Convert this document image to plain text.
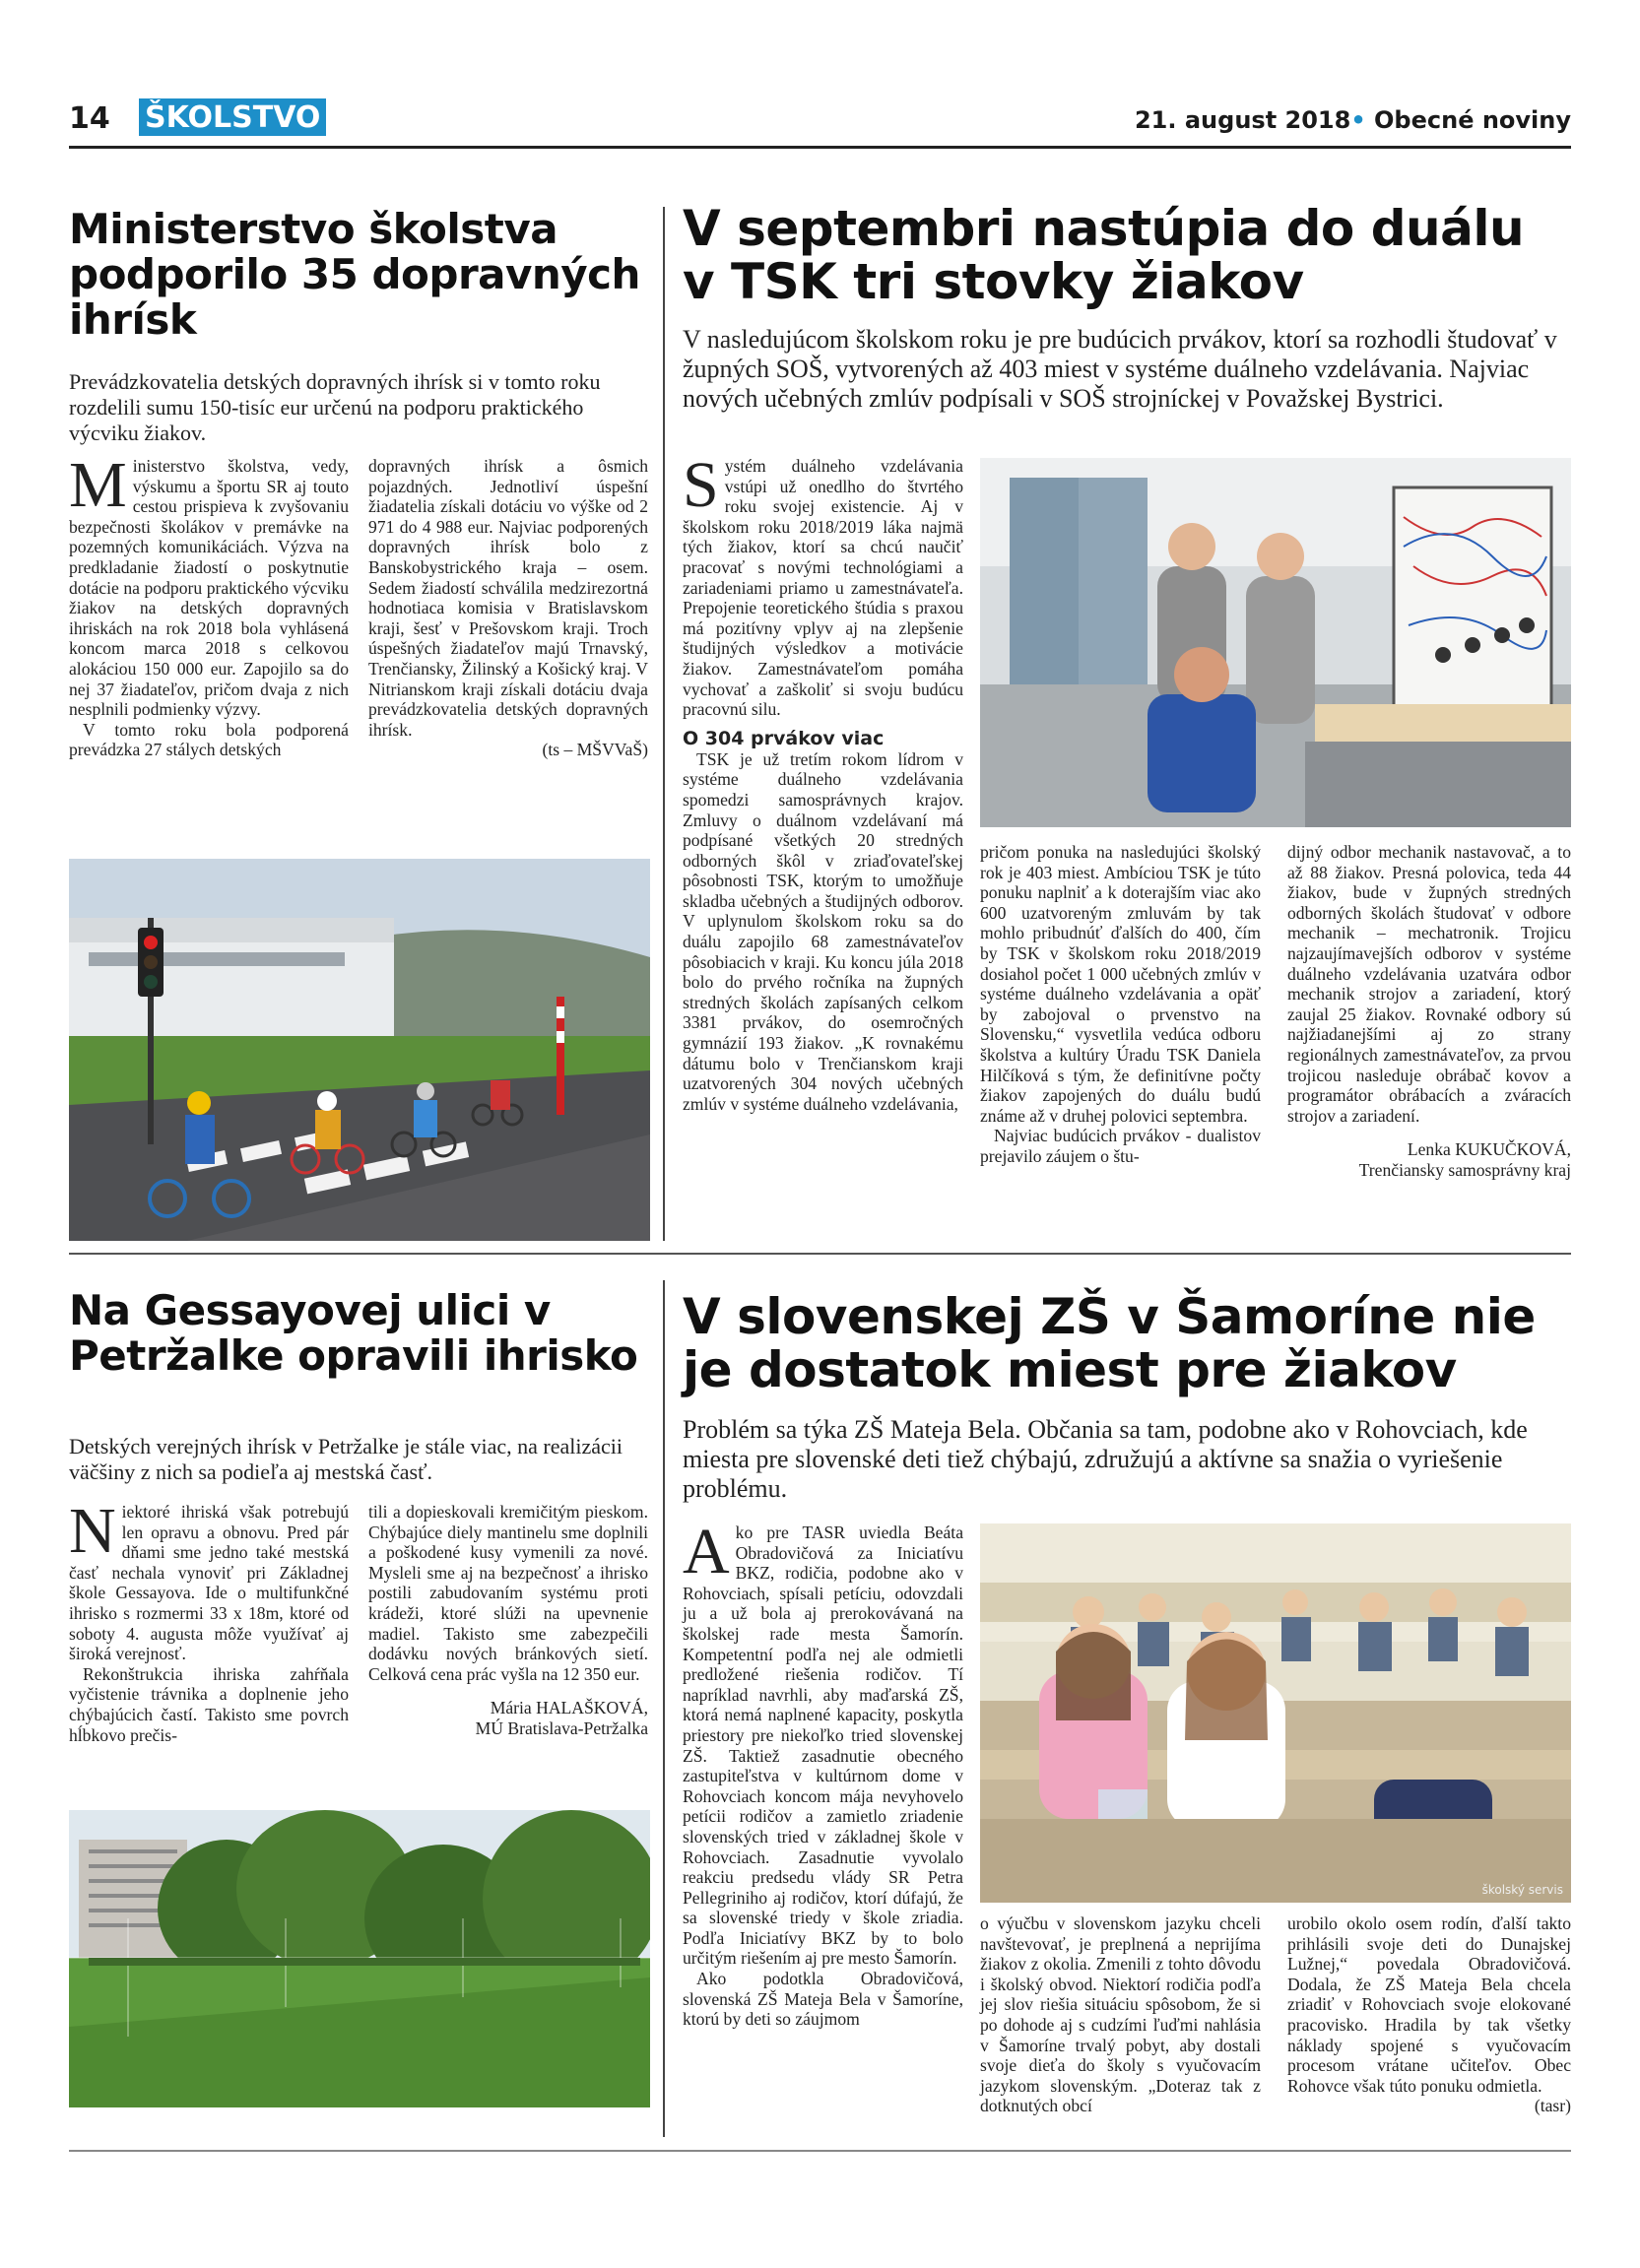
14 ŠKOLSTVO	21. august 2018• Obecné noviny
Ministerstvo školstva podporilo 35 dopravných ihrísk
Prevádzkovatelia detských dopravných ihrísk si v tomto roku rozdelili sumu 150-tisíc eur určenú na podporu praktického výcviku žiakov.
M inisterstvo školstva, vedy, výskumu a športu SR aj touto cestou prispieva k zvyšovaniu bezpečnosti školákov v premávke na pozemných komunikáciách. Výzva na predkladanie žiadostí o poskytnutie dotácie na podporu praktického výcviku žiakov na detských dopravných ihriskách na rok 2018 bola vyhlásená koncom marca 2018 s celkovou alokáciou 150 000 eur. Zapojilo sa do nej 37 žiadateľov, pričom dvaja z nich nesplnili podmienky výzvy.

V tomto roku bola podporená prevádzka 27 stálych detských

dopravných ihrísk a ôsmich pojazdných. Jednotliví úspešní žiadatelia získali dotáciu vo výške od 2 971 do 4 988 eur. Najviac podporených dopravných ihrísk bolo z Banskobystrického kraja – osem. Sedem žiadostí schválila medzirezortná hodnotiaca komisia v Bratislavskom kraji, šesť v Prešovskom kraji. Troch úspešných žiadateľov majú Trnavský, Trenčiansky, Žilinský a Košický kraj. V Nitrianskom kraji získali dotáciu dvaja prevádzkovatelia detských dopravných ihrísk.

(ts – MŠVVaŠ)

V septembri nastúpia do duálu v TSK tri stovky žiakov
V nasledujúcom školskom roku je pre budúcich prvákov, ktorí sa rozhodli študovať v župných SOŠ, vytvorených až 403 miest v systéme duálneho vzdelávania. Najviac nových učebných zmlúv podpísali v SOŠ strojníckej v Považskej Bystrici.
S ystém duálneho vzdelávania vstúpi už onedlho do štvrtého roku svojej existencie. Aj v školskom roku 2018/2019 láka najmä tých žiakov, ktorí sa chcú naučiť pracovať s novými technológiami a zariadeniami priamo u zamestnávateľa. Prepojenie teoretického štúdia s praxou má pozitívny vplyv aj na zlepšenie študijných výsledkov a motivácie žiakov. Zamestnávateľom pomáha vychovať a zaškoliť si svoju budúcu pracovnú silu.

O 304 prvákov viac

TSK je už tretím rokom lídrom v systéme duálneho vzdelávania spomedzi samosprávnych krajov. Zmluvy o duálnom vzdelávaní má podpísané všetkých 20 stredných odborných škôl v zriaďovateľskej pôsobnosti TSK, ktorým to umožňuje skladba učebných a študijných odborov. V uplynulom školskom roku sa do duálu zapojilo 68 zamestnávateľov pôsobiacich v kraji. Ku koncu júla 2018 bolo do prvého ročníka na župných stredných školách zapísaných celkom 3381 prvákov, do osemročných gymnázií 193 žiakov. „K rovnakému dátumu bolo v Trenčianskom kraji uzatvorených 304 nových učebných zmlúv v systéme duálneho vzdelávania,

pričom ponuka na nasledujúci školský rok je 403 miest. Ambíciou TSK je túto ponuku naplniť a k doterajším viac ako 600 uzatvoreným zmluvám by tak mohlo pribudnúť ďalších do 400, čím by TSK v školskom roku 2018/2019 dosiahol počet 1 000 učebných zmlúv v systéme duálneho vzdelávania a opäť by zabojoval o prvenstvo na Slovensku,“ vysvetlila vedúca odboru školstva a kultúry Úradu TSK Daniela Hilčíková s tým, že definitívne počty žiakov zapojených do duálu budú známe až v druhej polovici septembra.

Najviac budúcich prvákov - dualistov prejavilo záujem o štu-

dijný odbor mechanik nastavovač, a to až 88 žiakov. Presná polovica, teda 44 žiakov, bude v župných stredných odborných školách študovať v odbore mechanik – mechatronik. Trojicu najzaujímavejších odborov v systéme duálneho vzdelávania uzatvára odbor mechanik strojov a zariadení, ktorý zaujal 25 žiakov. Rovnaké odbory sú najžiadanejšími aj zo strany regionálnych zamestnávateľov, za prvou trojicou nasleduje obrábač kovov a programátor obrábacích a zváracích strojov a zariadení.

Lenka KUKUČKOVÁ,

Trenčiansky samosprávny kraj

Na Gessayovej ulici v Petržalke opravili ihrisko
Detských verejných ihrísk v Petržalke je stále viac, na realizácii väčšiny z nich sa podieľa aj mestská časť.
N iektoré ihriská však potrebujú len opravu a obnovu. Pred pár dňami sme jedno také mestská časť nechala vynoviť pri Základnej škole Gessayova. Ide o multifunkčné ihrisko s rozmermi 33 x 18m, ktoré od soboty 4. augusta môže využívať aj široká verejnosť.

Rekonštrukcia ihriska zahŕňala vyčistenie trávnika a doplnenie jeho chýbajúcich častí. Takisto sme povrch hĺbkovo prečis-

tili a dopieskovali kremičitým pieskom. Chýbajúce diely mantinelu sme doplnili a poškodené kusy vymenili za nové. Mysleli sme aj na bezpečnosť a ihrisko postili zabudovaním systému proti krádeži, ktoré slúži na upevnenie madiel. Takisto sme zabezpečili dodávku nových bránkových sietí. Celková cena prác vyšla na 12 350 eur.

Mária HALAŠKOVÁ,

MÚ Bratislava-Petržalka

V slovenskej ZŠ v Šamoríne nie je dostatok miest pre žiakov
Problém sa týka ZŠ Mateja Bela. Občania sa tam, podobne ako v Rohovciach, kde miesta pre slovenské deti tiež chýbajú, združujú a aktívne sa snažia o vyriešenie problému.
A ko pre TASR uviedla Beáta Obradovičová za Iniciatívu BKZ, rodičia, podobne ako v Rohovciach, spísali petíciu, odovzdali ju a už bola aj prerokovávaná na školskej rade mesta Šamorín. Kompetentní podľa nej ale odmietli predložené riešenia rodičov. Tí napríklad navrhli, aby maďarská ZŠ, ktorá nemá naplnené kapacity, poskytla priestory pre niekoľko tried slovenskej ZŠ. Taktiež zasadnutie obecného zastupiteľstva v kultúrnom dome v Rohovciach koncom mája nevyhovelo petícii rodičov a zamietlo zriadenie slovenských tried v základnej škole v Rohovciach. Zasadnutie vyvolalo reakciu predsedu vlády SR Petra Pellegriniho aj rodičov, ktorí dúfajú, že sa slovenské triedy v škole zriadia. Podľa Iniciatívy BKZ by to bolo určitým riešením aj pre mesto Šamorín.

Ako podotkla Obradovičová, slovenská ZŠ Mateja Bela v Šamoríne, ktorú by deti so záujmom

školský servis

o výučbu v slovenskom jazyku chceli navštevovať, je preplnená a neprijíma žiakov z okolia. Zmenili z tohto dôvodu i školský obvod. Niektorí rodičia podľa jej slov riešia situáciu spôsobom, že si po dohode aj s cudzími ľuďmi nahlásia v Šamoríne trvalý pobyt, aby dostali svoje dieťa do školy s vyučovacím jazykom slovenským. „Doteraz tak z dotknutých obcí

urobilo okolo osem rodín, ďalší takto prihlásili svoje deti do Dunajskej Lužnej,“ povedala Obradovičová. Dodala, že ZŠ Mateja Bela chcela zriadiť v Rohovciach svoje elokované pracovisko. Hradila by tak všetky náklady spojené s vyučovacím procesom vrátane učiteľov. Obec Rohovce však túto ponuku odmietla.

(tasr)
